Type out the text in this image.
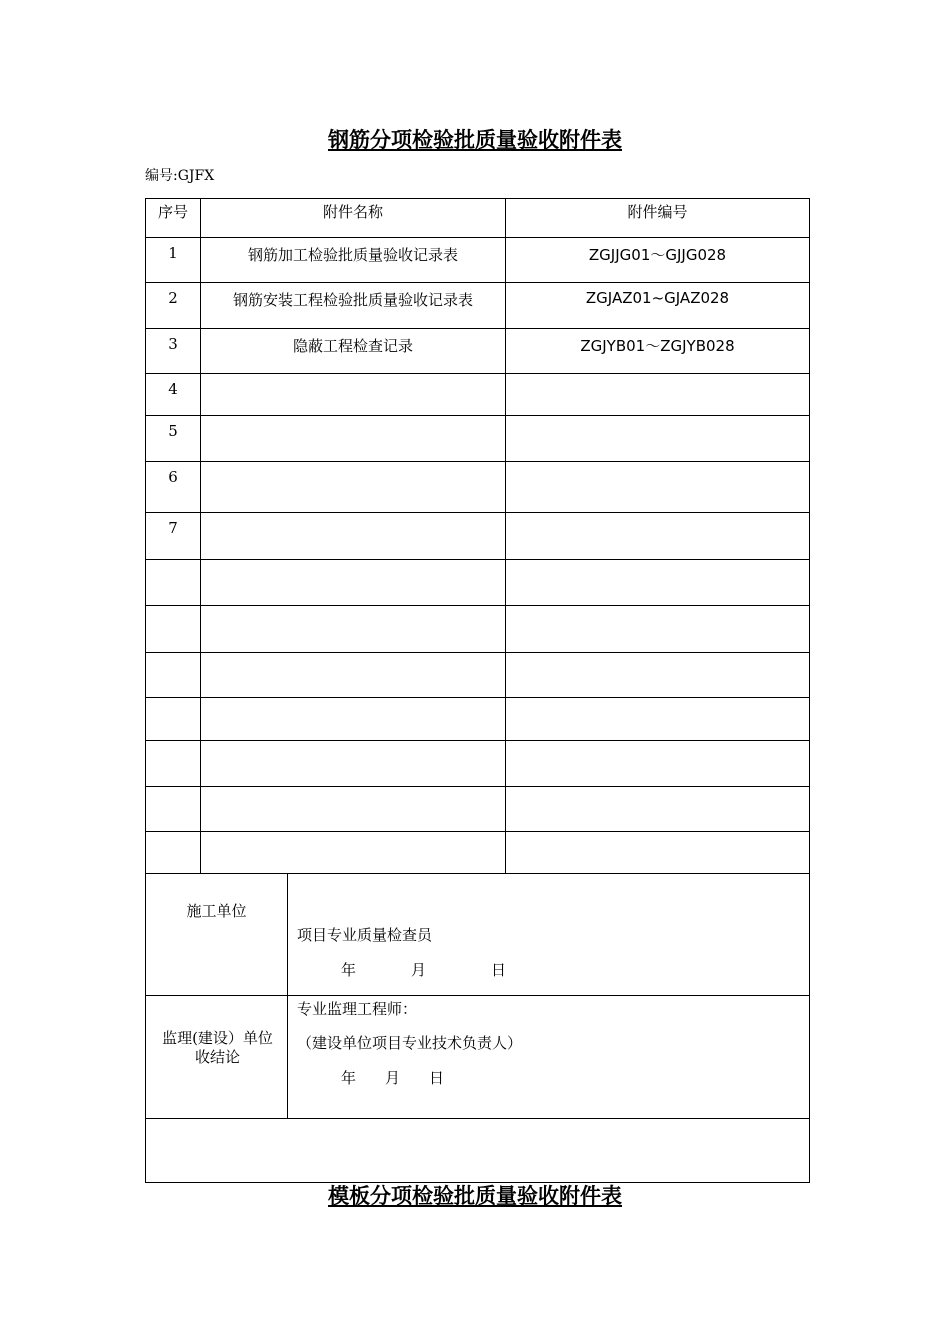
钢筋分项检验批质量验收附件表
编号:GJFX
序号	附件名称	附件编号

1	钢筋加工检验批质量验收记录表	ZGJJG01～GJJG028

2	钢筋安装工程检验批质量验收记录表	ZGJAZ01~GJAZ028

3	隐蔽工程检查记录	ZGJYB01～ZGJYB028

4		

5		

6		

7		

施工单位	项目专业质量检查员
年 月 日

监理(建设）单位收结论	专业监理工程师：
（建设单位项目专业技术负责人）
年 月 日

模板分项检验批质量验收附件表
